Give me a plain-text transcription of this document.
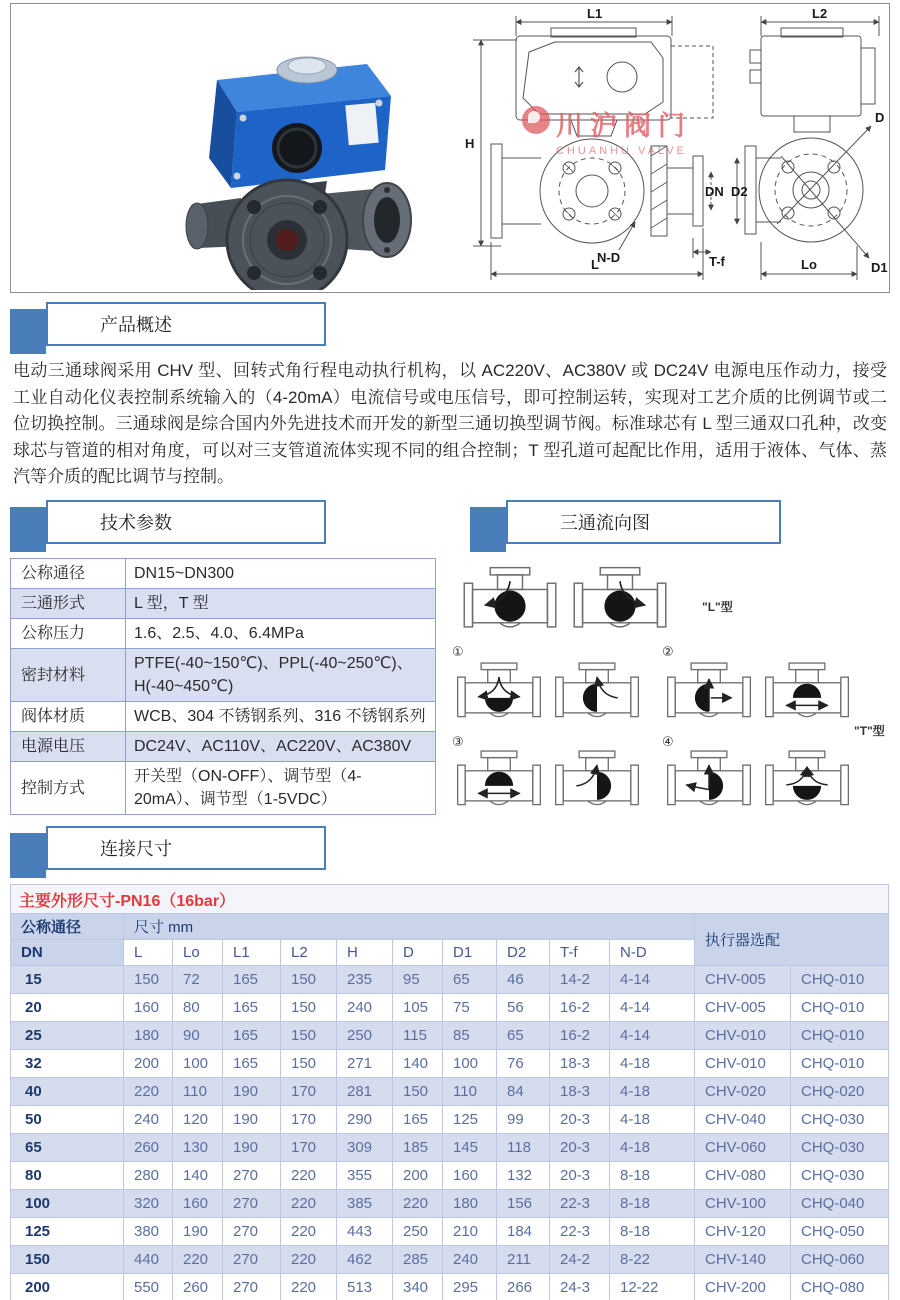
L1
H
DN D2
N-D
L	T-f
L2
D
D1
Lo
川沪阀门
CHUANHU VALVE
产品概述
电动三通球阀采用 CHV 型、回转式角行程电动执行机构，以 AC220V、AC380V 或 DC24V 电源电压作动力，接受工业自动化仪表控制系统输入的（4-20mA）电流信号或电压信号，即可控制运转，实现对工艺介质的比例调节或二位切换控制。三通球阀是综合国内外先进技术而开发的新型三通切换型调节阀。标准球芯有 L 型三通双口孔种，改变球芯与管道的相对角度，可以对三支管道流体实现不同的组合控制；T 型孔道可起配比作用，适用于液体、气体、蒸汽等介质的配比调节与控制。
技术参数
公称通径	DN15~DN300
三通形式	L 型，T 型
公称压力	1.6、2.5、4.0、6.4MPa
密封材料	PTFE(-40~150℃)、PPL(-40~250℃)、H(-40~450℃)
阀体材质	WCB、304 不锈钢系列、316 不锈钢系列
电源电压	DC24V、AC110V、AC220V、AC380V
控制方式	开关型（ON-OFF）、调节型（4-20mA）、调节型（1-5VDC）
三通流向图
"L"型
①	②
③	④
"T"型
连接尺寸
主要外形尺寸-PN16（16bar）												
公称通径	尺寸 mm										执行器选配	
DN	L	Lo	L1	L2	H	D	D1	D2	T-f	N-D		
15	150	72	165	150	235	95	65	46	14-2	4-14	CHV-005	CHQ-010
20	160	80	165	150	240	105	75	56	16-2	4-14	CHV-005	CHQ-010
25	180	90	165	150	250	115	85	65	16-2	4-14	CHV-010	CHQ-010
32	200	100	165	150	271	140	100	76	18-3	4-18	CHV-010	CHQ-010
40	220	110	190	170	281	150	110	84	18-3	4-18	CHV-020	CHQ-020
50	240	120	190	170	290	165	125	99	20-3	4-18	CHV-040	CHQ-030
65	260	130	190	170	309	185	145	118	20-3	4-18	CHV-060	CHQ-030
80	280	140	270	220	355	200	160	132	20-3	8-18	CHV-080	CHQ-030
100	320	160	270	220	385	220	180	156	22-3	8-18	CHV-100	CHQ-040
125	380	190	270	220	443	250	210	184	22-3	8-18	CHV-120	CHQ-050
150	440	220	270	220	462	285	240	211	24-2	8-22	CHV-140	CHQ-060
200	550	260	270	220	513	340	295	266	24-3	12-22	CHV-200	CHQ-080
